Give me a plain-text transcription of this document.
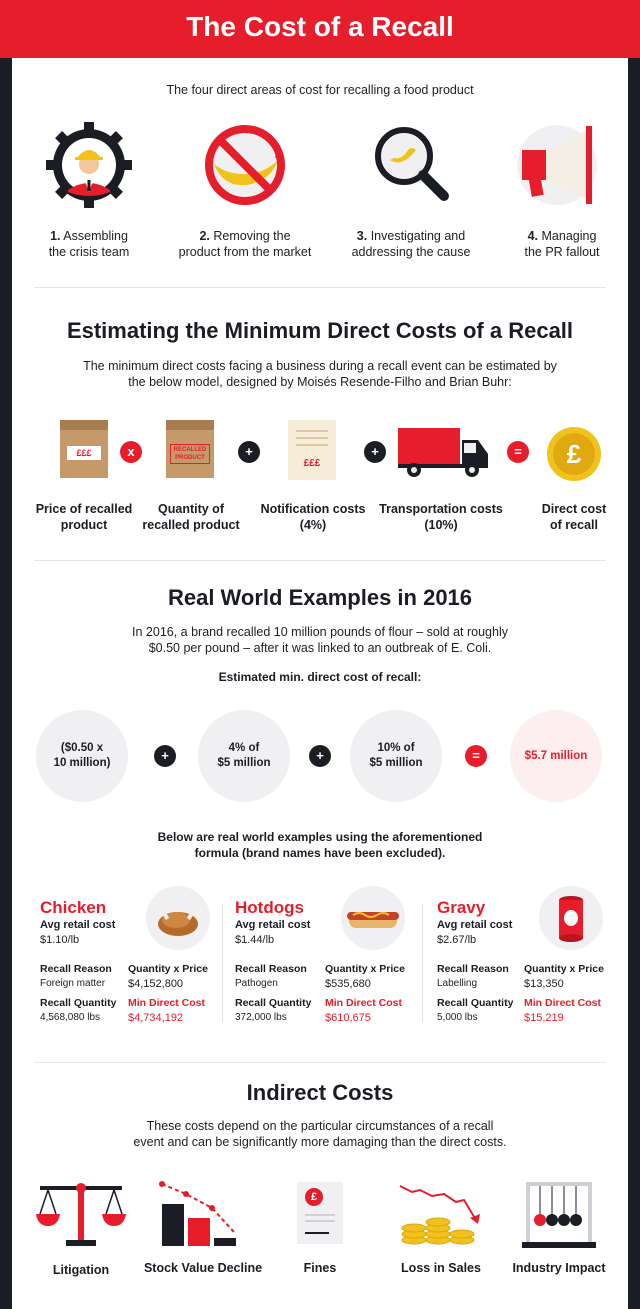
The Cost of a Recall
The four direct areas of cost for recalling a food product
1. Assembling
the crisis team
2. Removing the
product from the market
3. Investigating and
addressing the cause
4. Managing
the PR fallout
Estimating the Minimum Direct Costs of a Recall
The minimum direct costs facing a business during a recall event can be estimated by
the below model, designed by Moisés Resende-Filho and Brian Buhr:
£££	x	RECALLED
PRODUCT	+
£££
+	= £
Price of recalled
product
Quantity of
recalled product
Notification costs
(4%)
Transportation costs
(10%)
Direct cost
of recall
Real World Examples in 2016
In 2016, a brand recalled 10 million pounds of flour – sold at roughly
$0.50 per pound – after it was linked to an outbreak of E. Coli.
Estimated min. direct cost of recall:
($0.50 x
10 million)	+	4% of
$5 million	+	10% of
$5 million	=	$5.7 million
Below are real world examples using the aforementioned
formula (brand names have been excluded).
Chicken
Avg retail cost
$1.10/lb
Recall Reason
Foreign matter
Quantity x Price
$4,152,800
Recall Quantity
4,568,080 lbs
Min Direct Cost
$4,734,192
Hotdogs
Avg retail cost
$1.44/lb
Recall Reason
Pathogen
Quantity x Price
$535,680
Recall Quantity
372,000 lbs
Min Direct Cost
$610,675
Gravy
Avg retail cost
$2.67/lb
Recall Reason
Labelling
Quantity x Price
$13,350
Recall Quantity
5,000 lbs
Min Direct Cost
$15,219
Indirect Costs
These costs depend on the particular circumstances of a recall
event and can be significantly more damaging than the direct costs.
£
Litigation	Stock Value Decline	Fines	Loss in Sales	Industry Impact
